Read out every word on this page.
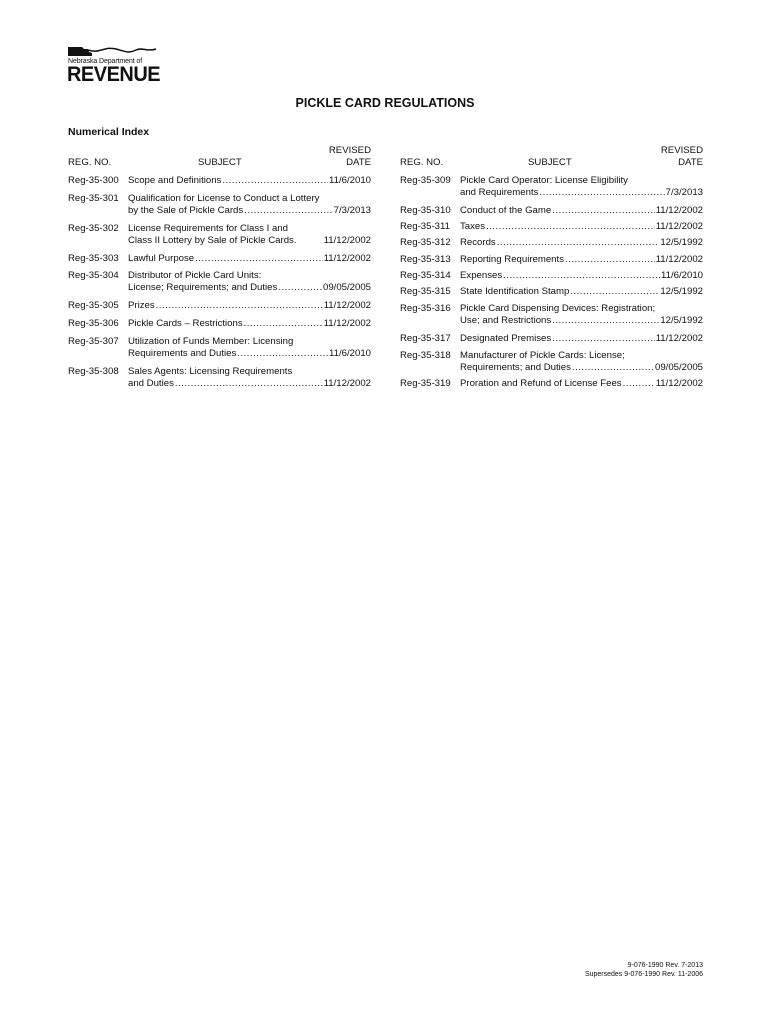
Nebraska Department of
REVENUE
PICKLE CARD REGULATIONS
Numerical Index
REG. NO.	SUBJECT
REVISED
DATE
Reg-35-300 Scope and Definitions .....	11/6/2010
Reg-35-301 Qualification for License to Conduct a Lottery
by the Sale of Pickle Cards .....	7/3/2013
Reg-35-302 License Requirements for Class I and
Class II Lottery by Sale of Pickle Cards.	11/12/2002
Reg-35-303 Lawful Purpose .....	11/12/2002
Reg-35-304 Distributor of Pickle Card Units:
License; Requirements; and Duties .....	09/05/2005
Reg-35-305 Prizes .....	11/12/2002
Reg-35-306 Pickle Cards – Restrictions .....	11/12/2002
Reg-35-307 Utilization of Funds Member: Licensing
Requirements and Duties .....	11/6/2010
Reg-35-308 Sales Agents: Licensing Requirements
and Duties .....	11/12/2002
REG. NO.	SUBJECT
REVISED
DATE
Reg-35-309 Pickle Card Operator: License Eligibility
and Requirements .....	7/3/2013
Reg-35-310 Conduct of the Game .....	11/12/2002
Reg-35-311 Taxes .....	11/12/2002
Reg-35-312 Records .....	12/5/1992
Reg-35-313 Reporting Requirements .....	11/12/2002
Reg-35-314 Expenses .....	11/6/2010
Reg-35-315 State Identification Stamp .....	12/5/1992
Reg-35-316 Pickle Card Dispensing Devices: Registration;
Use; and Restrictions .....	12/5/1992
Reg-35-317 Designated Premises .....	11/12/2002
Reg-35-318 Manufacturer of Pickle Cards: License;
Requirements; and Duties .....	09/05/2005
Reg-35-319 Proration and Refund of License Fees .....	11/12/2002
9-076-1990 Rev. 7-2013
Supersedes 9-076-1990 Rev. 11-2006
